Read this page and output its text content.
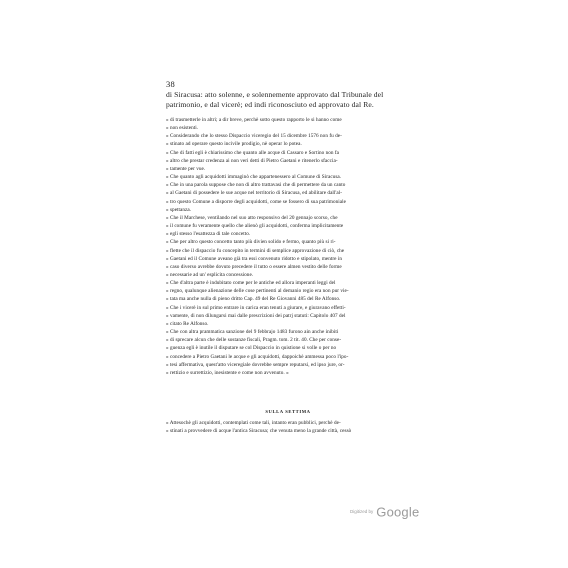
38
di Siracusa: atto solenne, e solennemente approvato dal Tribunale del
patrimonio, e dal vicerè; ed indi riconosciuto ed approvato dal Re.
» di trasmetterle in altri; a dir breve, perchè sotto questo rapporto le si hanno come
» non esistenti.
» Considerando che lo stesso Dispaccio viceregio del 15 dicembre 1576 non fu de-
» stinato ad operare questo incivile prodigio, nè operar lo potea.
» Che di fatti egli è chiarissimo che quanto alle acque di Cassaro e Sortino non fa
» altro che prestar credenza ai non veri detti di Pietro Gaetani e ritenerlo sfaccia-
» tamente per vue.
» Che quanto agli acquidotti immaginò che appartenessero al Comune di Siracusa.
» Che in una parola suppose che non di altro trattavasi che di permettere da un canto
» al Gaetani di possedere le sue acque nel territorio di Siracusa, ed abilitare dall'al-
» tro questo Comune a disporre degli acquidotti, come se fossero di sua patrimoniale
» spettanza.
» Che il Marchese, ventilando nel suo atto responsivo del 20 gennajo scorso, che
» il comune fu veramente quello che alienò gli acquidotti, conferma implicitamente
» egli stesso l'esattezza di tale concetto.
» Che per altro questo concetto tanto più divien solido e fermo, quanto più si ri-
» flette che il dispaccio fu concepito in termini di semplice approvazione di ciò, che
» Gaetani ed il Comune aveano già tra essi convenuto ridotto e stipolato, mentre in
» caso diverso avrebbe dovuto precedere il tutto o essere almen vestito delle forme
» necessarie ad un' esplicita concessione.
» Che d'altra parte è indubitato come per le antiche ed allora imperanti leggi del
» regno, qualunque alienazione delle cose pertinenti al demanio regio era non pur vie-
» tata ma anche nulla di pieno dritto Cap. 49 del Re Giovanni 485 del Re Alfonso.
» Che i vicerè in sul primo entrare in carica eran tenuti a giurare, e giuravano effetti-
» vamente, di non dilungarsi mai dalle prescrizioni dei patrj statuti: Capitolo 407 del
» citato Re Alfonso.
» Che con altra prammatica sanzione del 9 febbrajo 1483 furono ain anche inibiti
» di sprecare alcun che delle sostanze fiscali, Pragm. tom. 2 tit. 40. Che per conse-
» guenza egli è inutile il disputare se col Dispaccio in quistione si volle o per no
» concedere a Pietro Gaetani le acque e gli acquidotti, dappoichè ammessa poco l'ipo-
» tesi affermativa, quest'atto viceregiale dovrebbe sempre reputarsi, ed ipso jure, or-
» rettizio e surrettizio, inesistente e come non avvenuto. »
SULLA SETTIMA
» Attesochè gli acquidotti, contemplati come tali, intanto eran pubblici, perchè de-
» stinati a provvedere di acque l'antica Siracusa; che venuta meno la grande città, cessò
Digitized by Google
